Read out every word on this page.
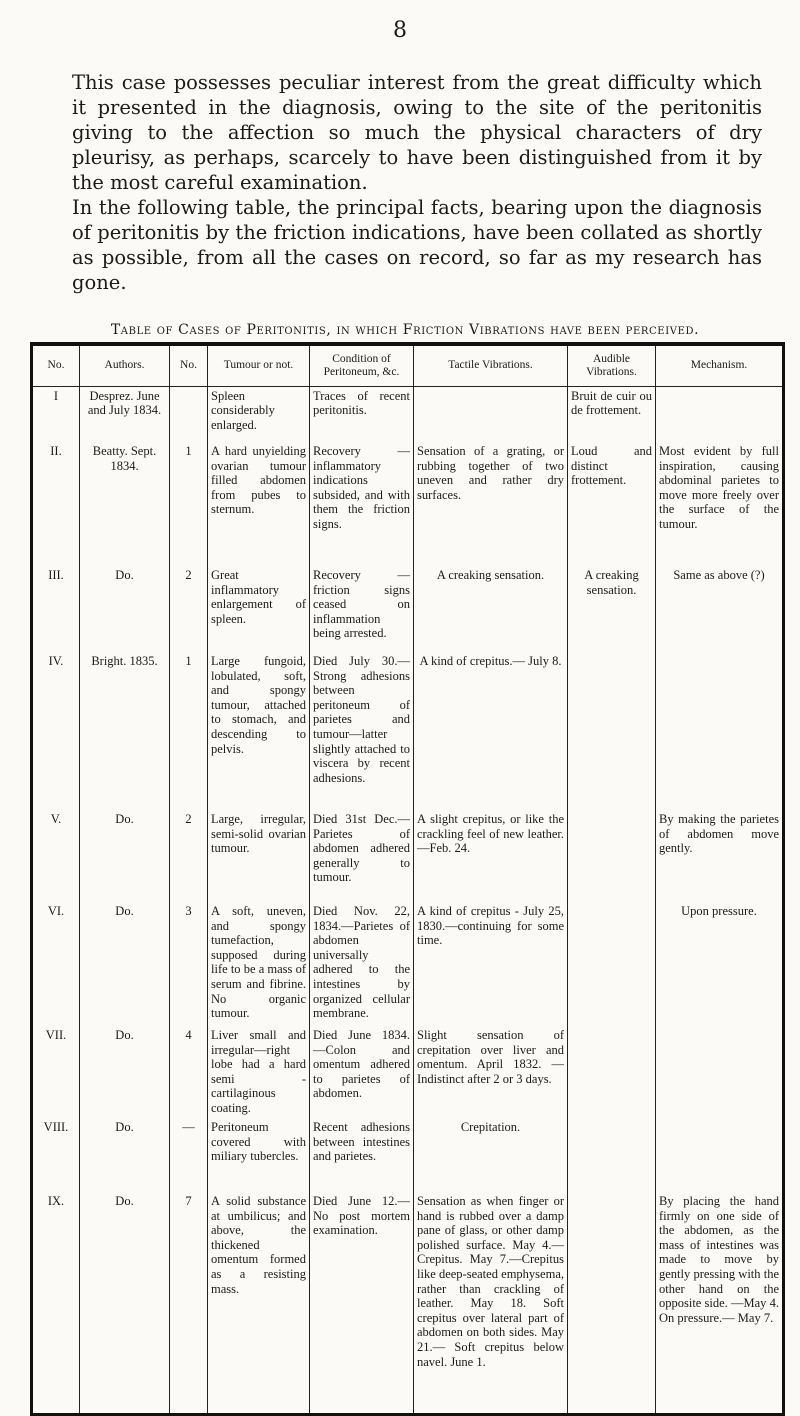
8

This case possesses peculiar interest from the great difficulty which it presented in the diagnosis, owing to the site of the peritonitis giving to the affection so much the physical characters of dry pleurisy, as perhaps, scarcely to have been distinguished from it by the most careful examination.

In the following table, the principal facts, bearing upon the diagnosis of peritonitis by the friction indications, have been collated as shortly as possible, from all the cases on record, so far as my research has gone.

Table of Cases of Peritonitis, in which Friction Vibrations have been perceived.
No.	Authors.	No.	Tumour or not.	Condition of Peritoneum, &c.	Tactile Vibrations.	Audible Vibrations.	Mechanism.
I	Desprez. June and July 1834.		Spleen considerably enlarged.	Traces of recent peritonitis.		Bruit de cuir ou de frottement.	
II.	Beatty. Sept. 1834.	1	A hard unyielding ovarian tumour filled abdomen from pubes to sternum.	Recovery — inflammatory indications subsided, and with them the friction signs.	Sensation of a grating, or rubbing together of two uneven and rather dry surfaces.	Loud and distinct frottement.	Most evident by full inspiration, causing abdominal parietes to move more freely over the surface of the tumour.
III.	Do.	2	Great inflammatory enlargement of spleen.	Recovery —friction signs ceased on inflammation being arrested.	A creaking sensation.	A creaking sensation.	Same as above (?)
IV.	Bright. 1835.	1	Large fungoid, lobulated, soft, and spongy tumour, attached to stomach, and descending to pelvis.	Died July 30.— Strong adhesions between peritoneum of parietes and tumour—latter slightly attached to viscera by recent adhesions.	A kind of crepitus.— July 8.		
V.	Do.	2	Large, irregular, semi-solid ovarian tumour.	Died 31st Dec.— Parietes of abdomen adhered generally to tumour.	A slight crepitus, or like the crackling feel of new leather.—Feb. 24.		By making the parietes of abdomen move gently.
VI.	Do.	3	A soft, uneven, and spongy tumefaction, supposed during life to be a mass of serum and fibrine. No organic tumour.	Died Nov. 22, 1834.—Parietes of abdomen universally adhered to the intestines by organized cellular membrane.	A kind of crepitus - July 25, 1830.—continuing for some time.		Upon pressure.
VII.	Do.	4	Liver small and irregular—right lobe had a hard semi - cartilaginous coating.	Died June 1834. —Colon and omentum adhered to parietes of abdomen.	Slight sensation of crepitation over liver and omentum. April 1832. —Indistinct after 2 or 3 days.		
VIII.	Do.	—	Peritoneum covered with miliary tubercles.	Recent adhesions between intestines and parietes.	Crepitation.		
IX.	Do.	7	A solid substance at umbilicus; and above, the thickened omentum formed as a resisting mass.	Died June 12.— No post mortem examination.	Sensation as when finger or hand is rubbed over a damp pane of glass, or other damp polished surface. May 4.—Crepitus. May 7.—Crepitus like deep-seated emphysema, rather than crackling of leather. May 18. Soft crepitus over lateral part of abdomen on both sides. May 21.— Soft crepitus below navel. June 1.		By placing the hand firmly on one side of the abdomen, as the mass of intestines was made to move by gently pressing with the other hand on the opposite side. —May 4. On pressure.— May 7.
